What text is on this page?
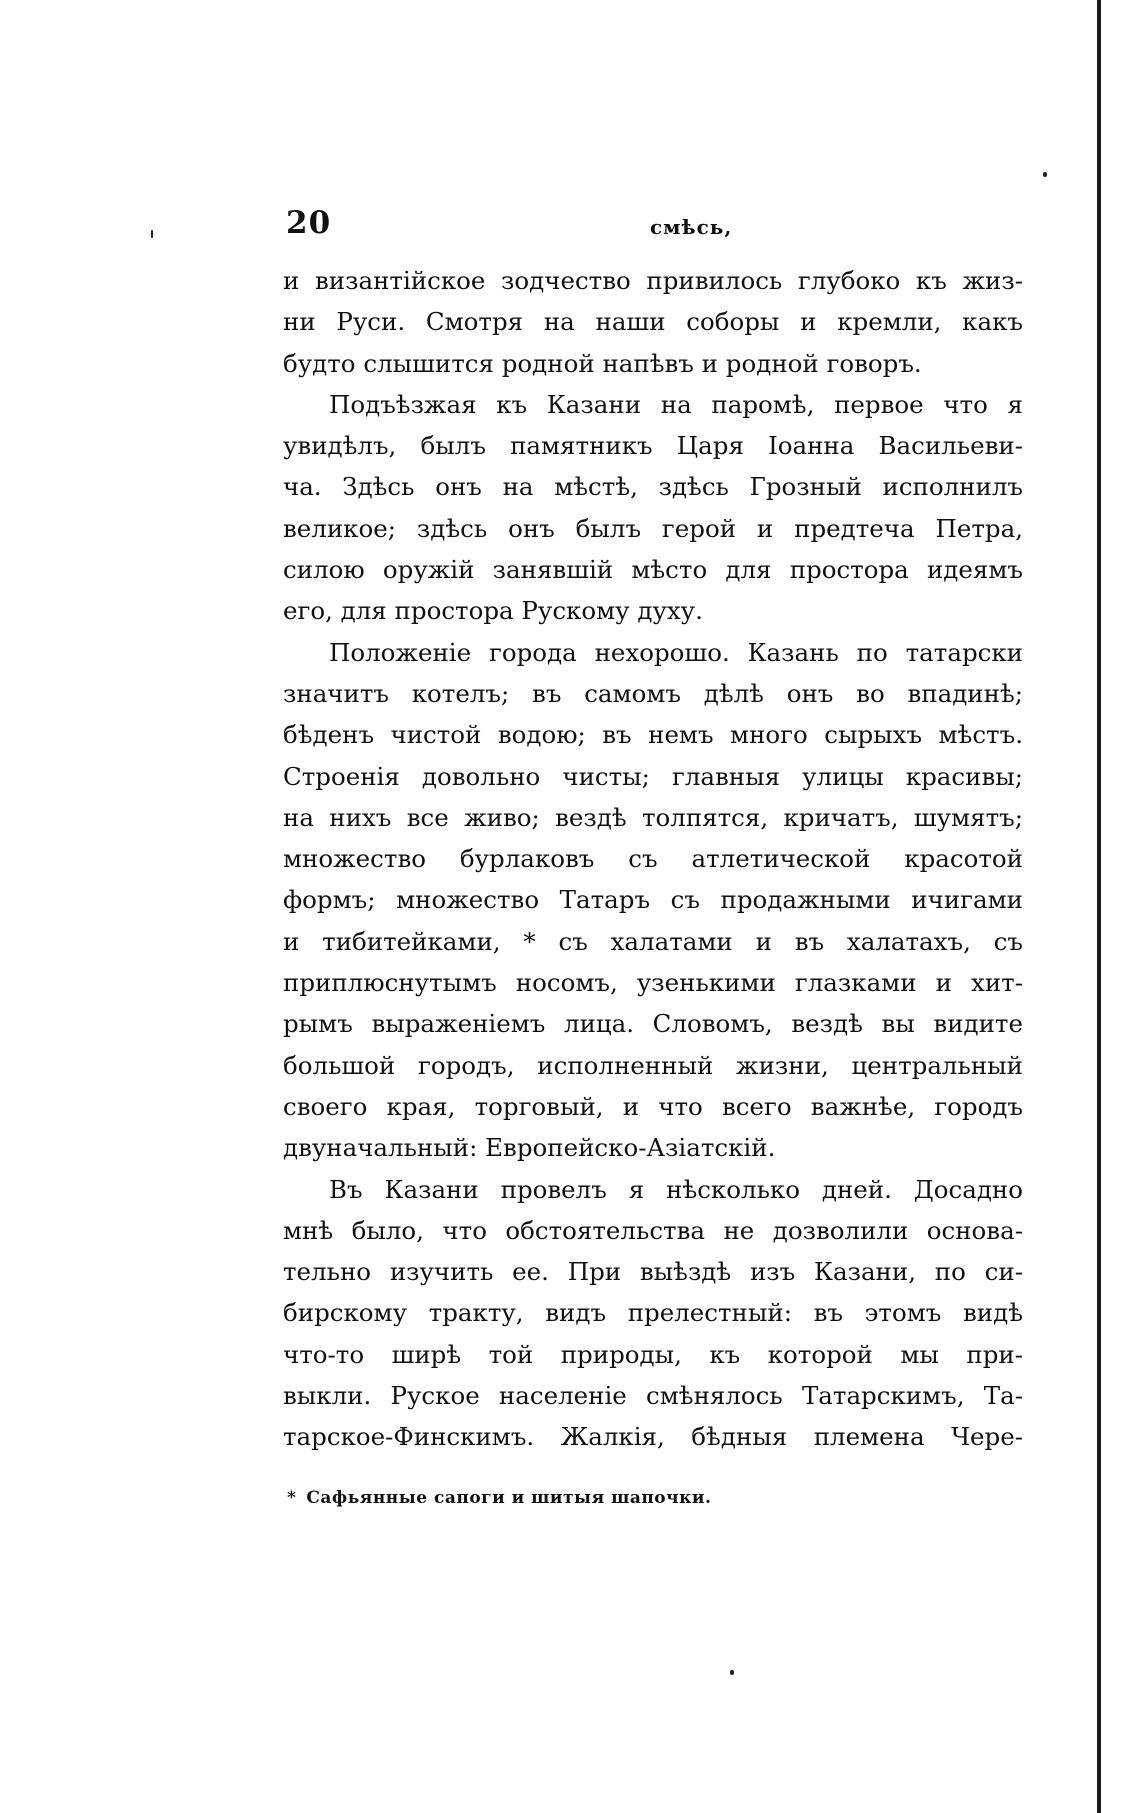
20	смѣсь,
и византійское зодчество привилось глубоко къ жиз-
ни Руси. Смотря на наши соборы и кремли, какъ
будто слышится родной напѣвъ и родной говоръ.
Подъѣзжая къ Казани на паромѣ, первое что я
увидѣлъ, былъ памятникъ Царя Іоанна Васильеви-
ча. Здѣсь онъ на мѣстѣ, здѣсь Грозный исполнилъ
великое; здѣсь онъ былъ герой и предтеча Петра,
силою оружій занявшій мѣсто для простора идеямъ
его, для простора Рускому духу.
Положеніе города нехорошо. Казань по татарски
значитъ котелъ; въ самомъ дѣлѣ онъ во впадинѣ;
бѣденъ чистой водою; въ немъ много сырыхъ мѣстъ.
Строенія довольно чисты; главныя улицы красивы;
на нихъ все живо; вездѣ толпятся, кричатъ, шумятъ;
множество бурлаковъ съ атлетической красотой
формъ; множество Татаръ съ продажными ичигами
и тибитейками, * съ халатами и въ халатахъ, съ
приплюснутымъ носомъ, узенькими глазками и хит-
рымъ выраженіемъ лица. Словомъ, вездѣ вы видите
большой городъ, исполненный жизни, центральный
своего края, торговый, и что всего важнѣе, городъ
двуначальный: Европейско-Азіатскій.
Въ Казани провелъ я нѣсколько дней. Досадно
мнѣ было, что обстоятельства не дозволили основа-
тельно изучить ее. При выѣздѣ изъ Казани, по си-
бирскому тракту, видъ прелестный: въ этомъ видѣ
что-то ширѣ той природы, къ которой мы при-
выкли. Руское населеніе смѣнялось Татарскимъ, Та-
тарское-Финскимъ. Жалкія, бѣдныя племена Чере-
* Сафьянные сапоги и шитыя шапочки.
